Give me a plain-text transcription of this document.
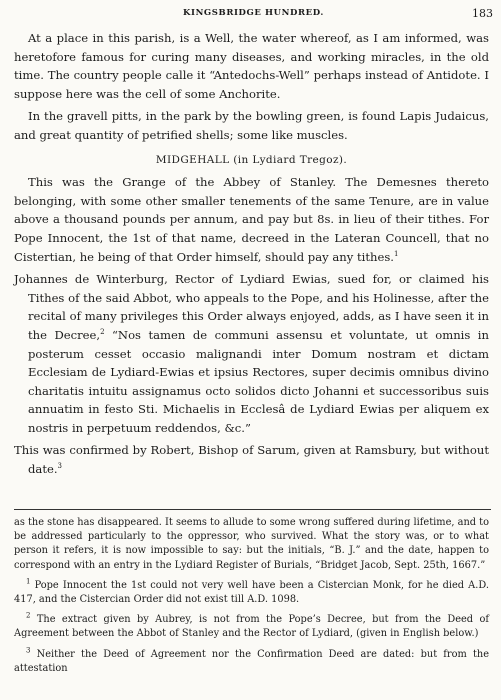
KINGSBRIDGE HUNDRED.	183

At a place in this parish, is a Well, the water whereof, as I am informed, was heretofore famous for curing many diseases, and working miracles, in the old time. The country people calle it “Antedochs-Well” perhaps instead of Antidote. I suppose here was the cell of some Anchorite.

In the gravell pitts, in the park by the bowling green, is found Lapis Judaicus, and great quantity of petrified shells; some like muscles.

MIDGEHALL (in Lydiard Tregoz).

This was the Grange of the Abbey of Stanley. The Demesnes thereto belonging, with some other smaller tenements of the same Tenure, are in value above a thousand pounds per annum, and pay but 8s. in lieu of their tithes. For Pope Innocent, the 1st of that name, decreed in the Lateran Councell, that no Cistertian, he being of that Order himself, should pay any tithes.$^1$

Johannes de Winterburg, Rector of Lydiard Ewias, sued for, or claimed his Tithes of the said Abbot, who appeals to the Pope, and his Holinesse, after the recital of many privileges this Order always enjoyed, adds, as I have seen it in the Decree,$^2$ “Nos tamen de communi assensu et voluntate, ut omnis in posterum cesset occasio malignandi inter Domum nostram et dictam Ecclesiam de Lydiard-Ewias et ipsius Rectores, super decimis omnibus divino charitatis intuitu assignamus octo solidos dicto Johanni et successoribus suis annuatim in festo Sti. Michaelis in Ecclesâ de Lydiard Ewias per aliquem ex nostris in perpetuum reddendos, &c.”

This was confirmed by Robert, Bishop of Sarum, given at Ramsbury, but without date.$^3$

as the stone has disappeared. It seems to allude to some wrong suffered during lifetime, and to be addressed particularly to the oppressor, who survived. What the story was, or to what person it refers, it is now impossible to say: but the initials, “B. J.” and the date, happen to correspond with an entry in the Lydiard Register of Burials, “Bridget Jacob, Sept. 25th, 1667.”

$^1$ Pope Innocent the 1st could not very well have been a Cistercian Monk, for he died A.D. 417, and the Cistercian Order did not exist till A.D. 1098.

$^2$ The extract given by Aubrey, is not from the Pope’s Decree, but from the Deed of Agreement between the Abbot of Stanley and the Rector of Lydiard, (given in English below.)

$^3$ Neither the Deed of Agreement nor the Confirmation Deed are dated: but from the attestation
